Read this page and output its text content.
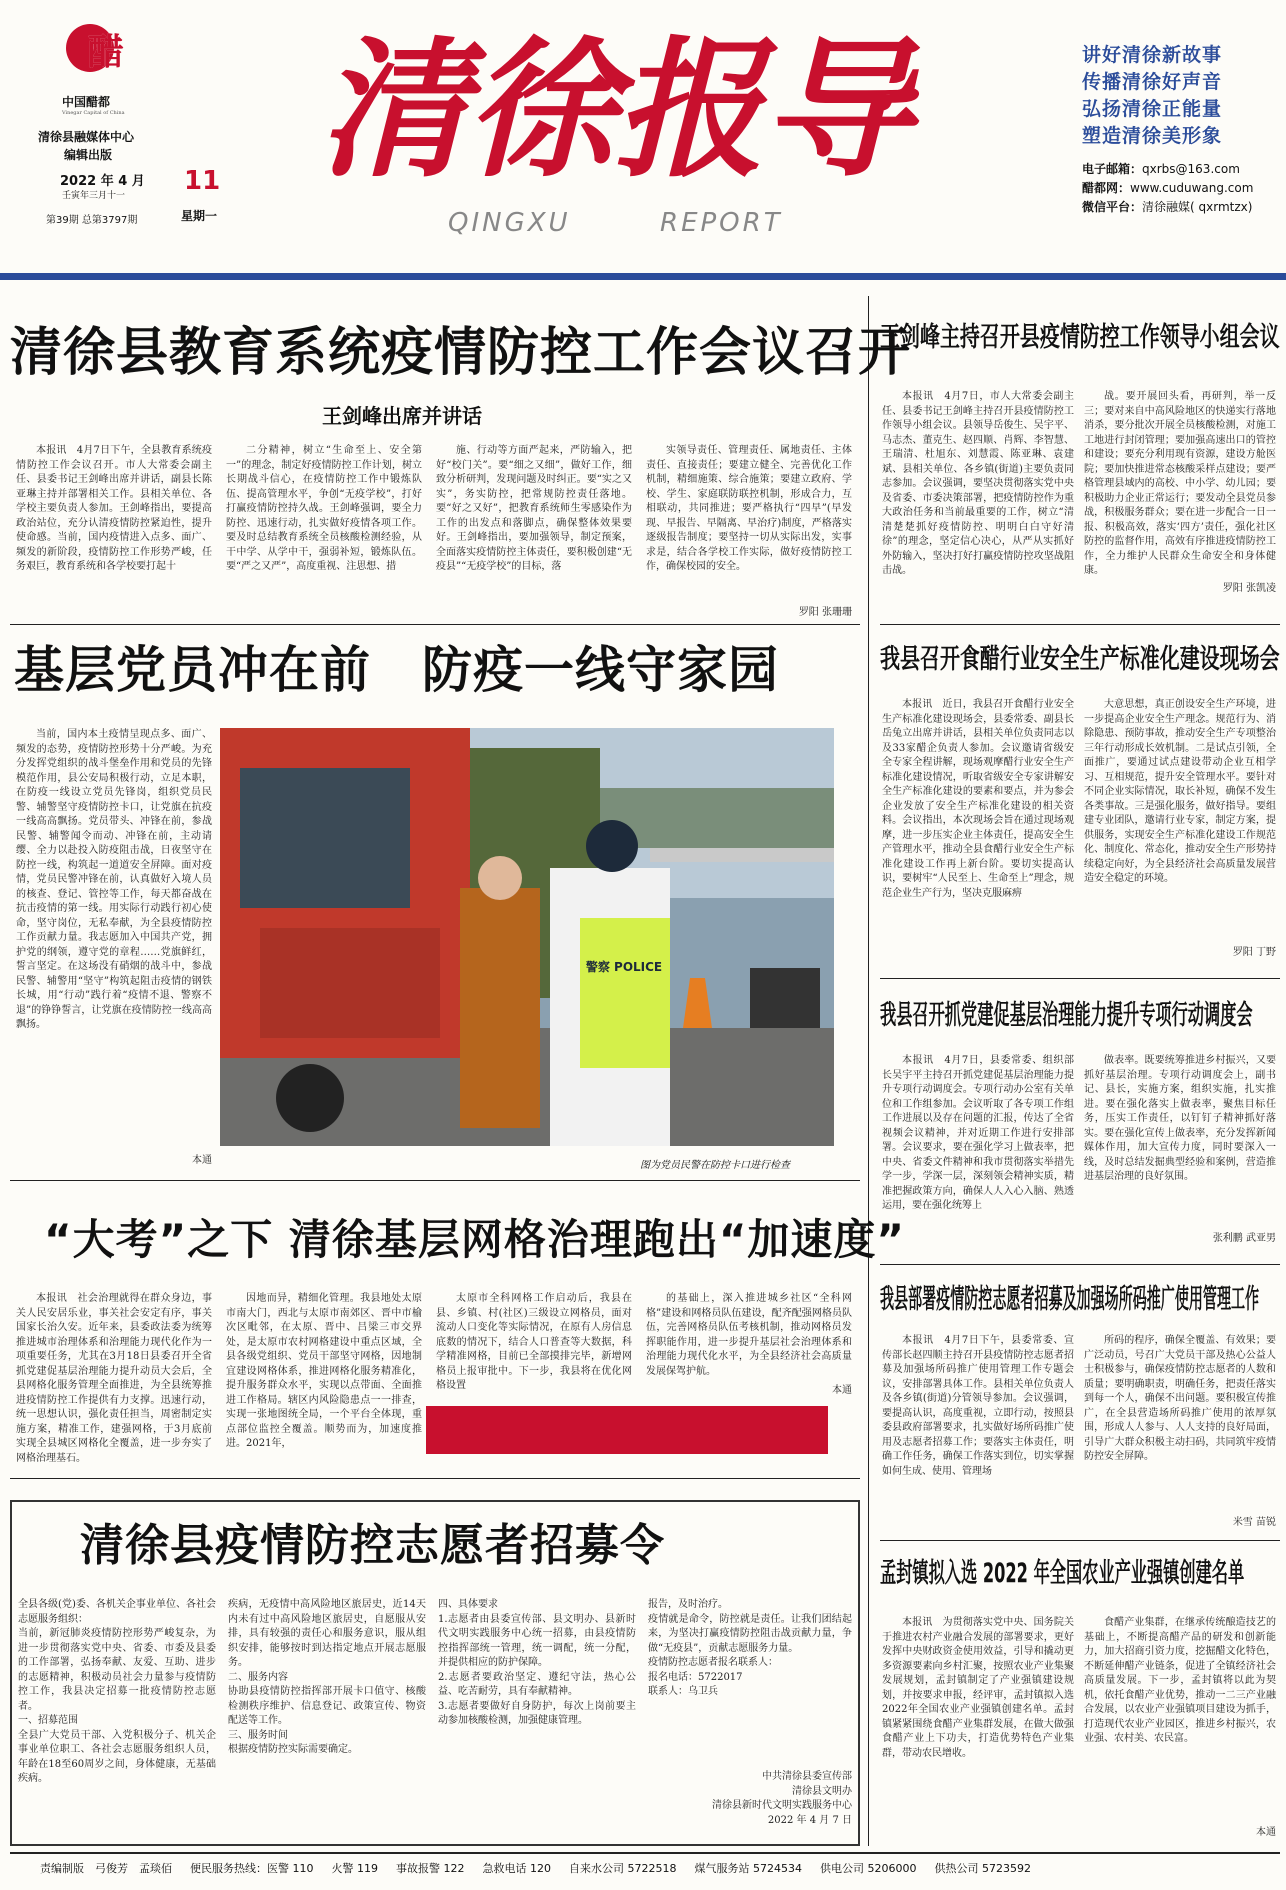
醋
中国醋都
Vinegar Capital of China
清徐县融媒体中心
编辑出版
2022 年 4 月
壬寅年三月十一 11
第39期 总第3797期	星期一
清徐报导
QINGXU	REPORT
讲好清徐新故事
传播清徐好声音
弘扬清徐正能量
塑造清徐美形象
电子邮箱：qxrbs@163.com
醋都网：www.cuduwang.com
微信平台：清徐融媒( qxrmtzx)
清徐县教育系统疫情防控工作会议召开
王剑峰出席并讲话

本报讯　4月7日下午，全县教育系统疫情防控工作会议召开。市人大常委会副主任、县委书记王剑峰出席并讲话，副县长陈亚琳主持并部署相关工作。县相关单位、各学校主要负责人参加。王剑峰指出，要提高政治站位，充分认清疫情防控紧迫性，提升使命感。当前，国内疫情进入点多、面广、频发的新阶段，疫情防控工作形势严峻，任务艰巨，教育系统和各学校要打起十

二分精神，树立“生命至上、安全第一”的理念，制定好疫情防控工作计划，树立长期战斗信心，在疫情防控工作中锻炼队伍、提高管理水平，争创“无疫学校”，打好打赢疫情防控持久战。王剑峰强调，要全力防控、迅速行动，扎实做好疫情各项工作。要及时总结教育系统全员核酸检测经验，从干中学、从学中干，强弱补短，锻炼队伍。要“严之又严”，高度重视、注思想、措

施、行动等方面严起来，严防输入，把好“校门关”。要“细之又细”，做好工作，细致分析研判，发现问题及时纠正。要“实之又实”，务实防控，把常规防控责任落地。要“好之又好”，把教育系统师生零感染作为工作的出发点和落脚点，确保整体效果要好。王剑峰指出，要加强领导，制定预案，全面落实疫情防控主体责任，要积极创建“无疫县”“无疫学校”的目标，落

实领导责任、管理责任、属地责任、主体责任、直接责任；要建立健全、完善优化工作机制，精细施策、综合施策；要建立政府、学校、学生、家庭联防联控机制，形成合力，互相联动，共同推进；要严格执行“四早”(早发现、早报告、早隔离、早治疗)制度，严格落实逐级报告制度；要坚持一切从实际出发，实事求是，结合各学校工作实际，做好疫情防控工作，确保校园的安全。

罗阳 张珊珊
王剑峰主持召开县疫情防控工作领导小组会议

本报讯　4月7日，市人大常委会副主任、县委书记王剑峰主持召开县疫情防控工作领导小组会议。县领导岳俊生、吴宇平、马志杰、董克生、赵四顺、肖辉、李智慧、王瑞清、杜旭东、刘慧霞、陈亚琳、袁建斌、县相关单位、各乡镇(街道)主要负责同志参加。会议强调，要坚决贯彻落实党中央及省委、市委决策部署，把疫情防控作为重大政治任务和当前最重要的工作，树立“清清楚楚抓好疫情防控、明明白白守好清徐”的理念，坚定信心决心，从严从实抓好外防输入，坚决打好打赢疫情防控攻坚战阻击战。

战。要开展回头看，再研判，举一反三；要对来自中高风险地区的快递实行落地消杀，要分批次开展全员核酸检测，对施工工地进行封闭管理；要加强高速出口的管控和建设；要充分利用现有资源，建设方舱医院；要加快推进常态核酸采样点建设；要严格管理县域内的高校、中小学、幼儿园；要积极助力企业正常运行；要发动全县党员参战，积极服务群众；要在进一步配合一日一报、积极高效，落实‘四方’责任，强化社区防控的监督作用，高效有序推进疫情防控工作，全力维护人民群众生命安全和身体健康。

罗阳 张凯凌
基层党员冲在前　防疫一线守家园

当前，国内本土疫情呈现点多、面广、频发的态势，疫情防控形势十分严峻。为充分发挥党组织的战斗堡垒作用和党员的先锋模范作用，县公安局积极行动，立足本职，在防疫一线设立党员先锋岗，组织党员民警、辅警坚守疫情防控卡口，让党旗在抗疫一线高高飘扬。党员带头、冲锋在前，参战民警、辅警闻令而动、冲锋在前，主动请缨、全力以赴投入防疫阻击战，日夜坚守在防控一线，构筑起一道道安全屏障。面对疫情，党员民警冲锋在前，认真做好入境人员的核查、登记、管控等工作，每天都奋战在抗击疫情的第一线。用实际行动践行初心使命，坚守岗位，无私奉献，为全县疫情防控工作贡献力量。我志愿加入中国共产党，拥护党的纲领，遵守党的章程……党旗鲜红，誓言坚定。在这场没有硝烟的战斗中，参战民警、辅警用“坚守”构筑起阻击疫情的钢铁长城，用“行动”践行着“疫情不退、警察不退”的铮铮誓言，让党旗在疫情防控一线高高飘扬。

本通
警察 POLICE
图为党员民警在防控卡口进行检查
我县召开食醋行业安全生产标准化建设现场会

本报讯　近日，我县召开食醋行业安全生产标准化建设现场会，县委常委、副县长岳兔立出席并讲话，县相关单位负责同志以及33家醋企负责人参加。会议邀请省级安全专家全程讲解，现场观摩醋行业安全生产标准化建设情况，听取省级安全专家讲解安全生产标准化建设的要素和要点，并为参会企业发放了安全生产标准化建设的相关资料。会议指出，本次现场会旨在通过现场观摩，进一步压实企业主体责任，提高安全生产管理水平，推动全县食醋行业安全生产标准化建设工作再上新台阶。要切实提高认识，要树牢“人民至上、生命至上”理念，规范企业生产行为，坚决克服麻痹

大意思想，真正创设安全生产环境，进一步提高企业安全生产理念。规范行为、消除隐患、预防事故，推动安全生产专项整治三年行动形成长效机制。二是试点引领，全面推广，要通过试点建设带动企业互相学习、互相规范，提升安全管理水平。要针对不同企业实际情况，取长补短，确保不发生各类事故。三是强化服务，做好指导。要组建专业团队，邀请行业专家，制定方案，提供服务，实现安全生产标准化建设工作规范化、制度化、常态化，推动安全生产形势持续稳定向好，为全县经济社会高质量发展营造安全稳定的环境。

罗阳 丁野
我县召开抓党建促基层治理能力提升专项行动调度会

本报讯　4月7日，县委常委、组织部长吴宇平主持召开抓党建促基层治理能力提升专项行动调度会。专项行动办公室有关单位和工作组参加。会议听取了各专项工作组工作进展以及存在问题的汇报，传达了全省视频会议精神，并对近期工作进行安排部署。会议要求，要在强化学习上做表率，把中央、省委文件精神和我市贯彻落实举措先学一步，学深一层，深刻领会精神实质，精准把握政策方向，确保人人入心入脑、熟透运用，要在强化统筹上

做表率。既要统筹推进乡村振兴，又要抓好基层治理。专项行动调度会上，副书记、县长，实施方案，组织实施，扎实推进。要在强化落实上做表率，聚焦目标任务，压实工作责任，以钉钉子精神抓好落实。要在强化宣传上做表率，充分发挥新闻媒体作用，加大宣传力度，同时要深入一线，及时总结发掘典型经验和案例，营造推进基层治理的良好氛围。

张利鹏 武亚男
“大考”之下 清徐基层网格治理跑出“加速度”

本报讯　社会治理就得在群众身边，事关人民安居乐业，事关社会安定有序，事关国家长治久安。近年来，县委政法委为统筹推进城市治理体系和治理能力现代化作为一项重要任务，尤其在3月18日县委召开全省抓党建促基层治理能力提升动员大会后，全县网格化服务管理全面推进，为全县统筹推进疫情防控工作提供有力支撑。迅速行动，统一思想认识，强化责任担当，周密制定实施方案，精准工作，建强网格，于3月底前实现全县城区网格化全覆盖，进一步夯实了网格治理基石。

因地而异，精细化管理。我县地处太原市南大门，西北与太原市南郊区、晋中市榆次区毗邻，在太原、晋中、吕梁三市交界处，是太原市农村网格建设中重点区域，全县各级党组织、党员干部坚守网格，因地制宜建设网格体系，推进网格化服务精准化，提升服务群众水平，实现以点带面、全面推进工作格局。辖区内风险隐患点一一排查，实现一张地图统全局，一个平台全体现，重点部位监控全覆盖。顺势而为，加速度推进。2021年，

太原市全科网格工作启动后，我县在县、乡镇、村(社区)三级设立网格员，面对流动人口变化等实际情况，在原有人房信息底数的情况下，结合人口普查等大数据，科学精准网格，目前已全部摸排完毕，新增网格员上报审批中。下一步，我县将在优化网格设置

的基础上，深入推进城乡社区“全科网格”建设和网格员队伍建设，配齐配强网格员队伍，完善网格员队伍考核机制，推动网格员发挥职能作用，进一步提升基层社会治理体系和治理能力现代化水平，为全县经济社会高质量发展保驾护航。

本通
我县部署疫情防控志愿者招募及加强场所码推广使用管理工作

本报讯　4月7日下午，县委常委、宣传部长赵四顺主持召开县疫情防控志愿者招募及加强场所码推广使用管理工作专题会议，安排部署具体工作。县相关单位负责人及各乡镇(街道)分管领导参加。会议强调，要提高认识，高度重视，立即行动，按照县委县政府部署要求，扎实做好场所码推广使用及志愿者招募工作；要落实主体责任，明确工作任务，确保工作落实到位，切实掌握如何生成、使用、管理场

所码的程序，确保全覆盖、有效果；要广泛动员，号召广大党员干部及热心公益人士积极参与，确保疫情防控志愿者的人数和质量；要明确职责，明确任务，把责任落实到每一个人，确保不出问题。要积极宣传推广，在全县营造场所码推广使用的浓厚氛围，形成人人参与、人人支持的良好局面，引导广大群众积极主动扫码，共同筑牢疫情防控安全屏障。

米雪 苗锐
清徐县疫情防控志愿者招募令

全县各级(党)委、各机关企事业单位、各社会志愿服务组织：
当前，新冠肺炎疫情防控形势严峻复杂，为进一步贯彻落实党中央、省委、市委及县委的工作部署，弘扬奉献、友爱、互助、进步的志愿精神，积极动员社会力量参与疫情防控工作，我县决定招募一批疫情防控志愿者。
一、招募范围
全县广大党员干部、入党积极分子、机关企事业单位职工、各社会志愿服务组织人员，年龄在18至60周岁之间，身体健康，无基础疾病。

疾病，无疫情中高风险地区旅居史，近14天内未有过中高风险地区旅居史，自愿服从安排，具有较强的责任心和服务意识，服从组织安排，能够按时到达指定地点开展志愿服务。
二、服务内容
协助县疫情防控指挥部开展卡口值守、核酸检测秩序维护、信息登记、政策宣传、物资配送等工作。
三、服务时间
根据疫情防控实际需要确定。

四、具体要求
1.志愿者由县委宣传部、县文明办、县新时代文明实践服务中心统一招募，由县疫情防控指挥部统一管理，统一调配，统一分配，并提供相应的防护保障。
2.志愿者要政治坚定、遵纪守法，热心公益、吃苦耐劳，具有奉献精神。
3.志愿者要做好自身防护，每次上岗前要主动参加核酸检测，加强健康管理。

报告，及时治疗。
疫情就是命令，防控就是责任。让我们团结起来，为坚决打赢疫情防控阻击战贡献力量，争做“无疫县”，贡献志愿服务力量。
疫情防控志愿者报名联系人：
报名电话：5722017
联系人：乌卫兵

中共清徐县委宣传部
清徐县文明办
清徐县新时代文明实践服务中心
2022 年 4 月 7 日
孟封镇拟入选 2022 年全国农业产业强镇创建名单

本报讯　为贯彻落实党中央、国务院关于推进农村产业融合发展的部署要求，更好发挥中央财政资金使用效益，引导和撬动更多资源要素向乡村汇聚，按照农业产业集聚发展规划，孟封镇制定了产业强镇建设规划，并按要求申报，经评审，孟封镇拟入选2022年全国农业产业强镇创建名单。孟封镇紧紧围绕食醋产业集群发展，在做大做强食醋产业上下功夫，打造优势特色产业集群，带动农民增收。

食醋产业集群，在继承传统酿造技艺的基础上，不断提高醋产品的研发和创新能力，加大招商引资力度，挖掘醋文化特色，不断延伸醋产业链条，促进了全镇经济社会高质量发展。下一步，孟封镇将以此为契机，依托食醋产业优势，推动一二三产业融合发展，以农业产业强镇项目建设为抓手，打造现代农业产业园区，推进乡村振兴，农业强、农村美、农民富。

本通
责编制版　弓俊芳　孟琰佰 便民服务热线：医警 110 火警 119 事故报警 122 急救电话 120 自来水公司 5722518 煤气服务站 5724534 供电公司 5206000 供热公司 5723592
